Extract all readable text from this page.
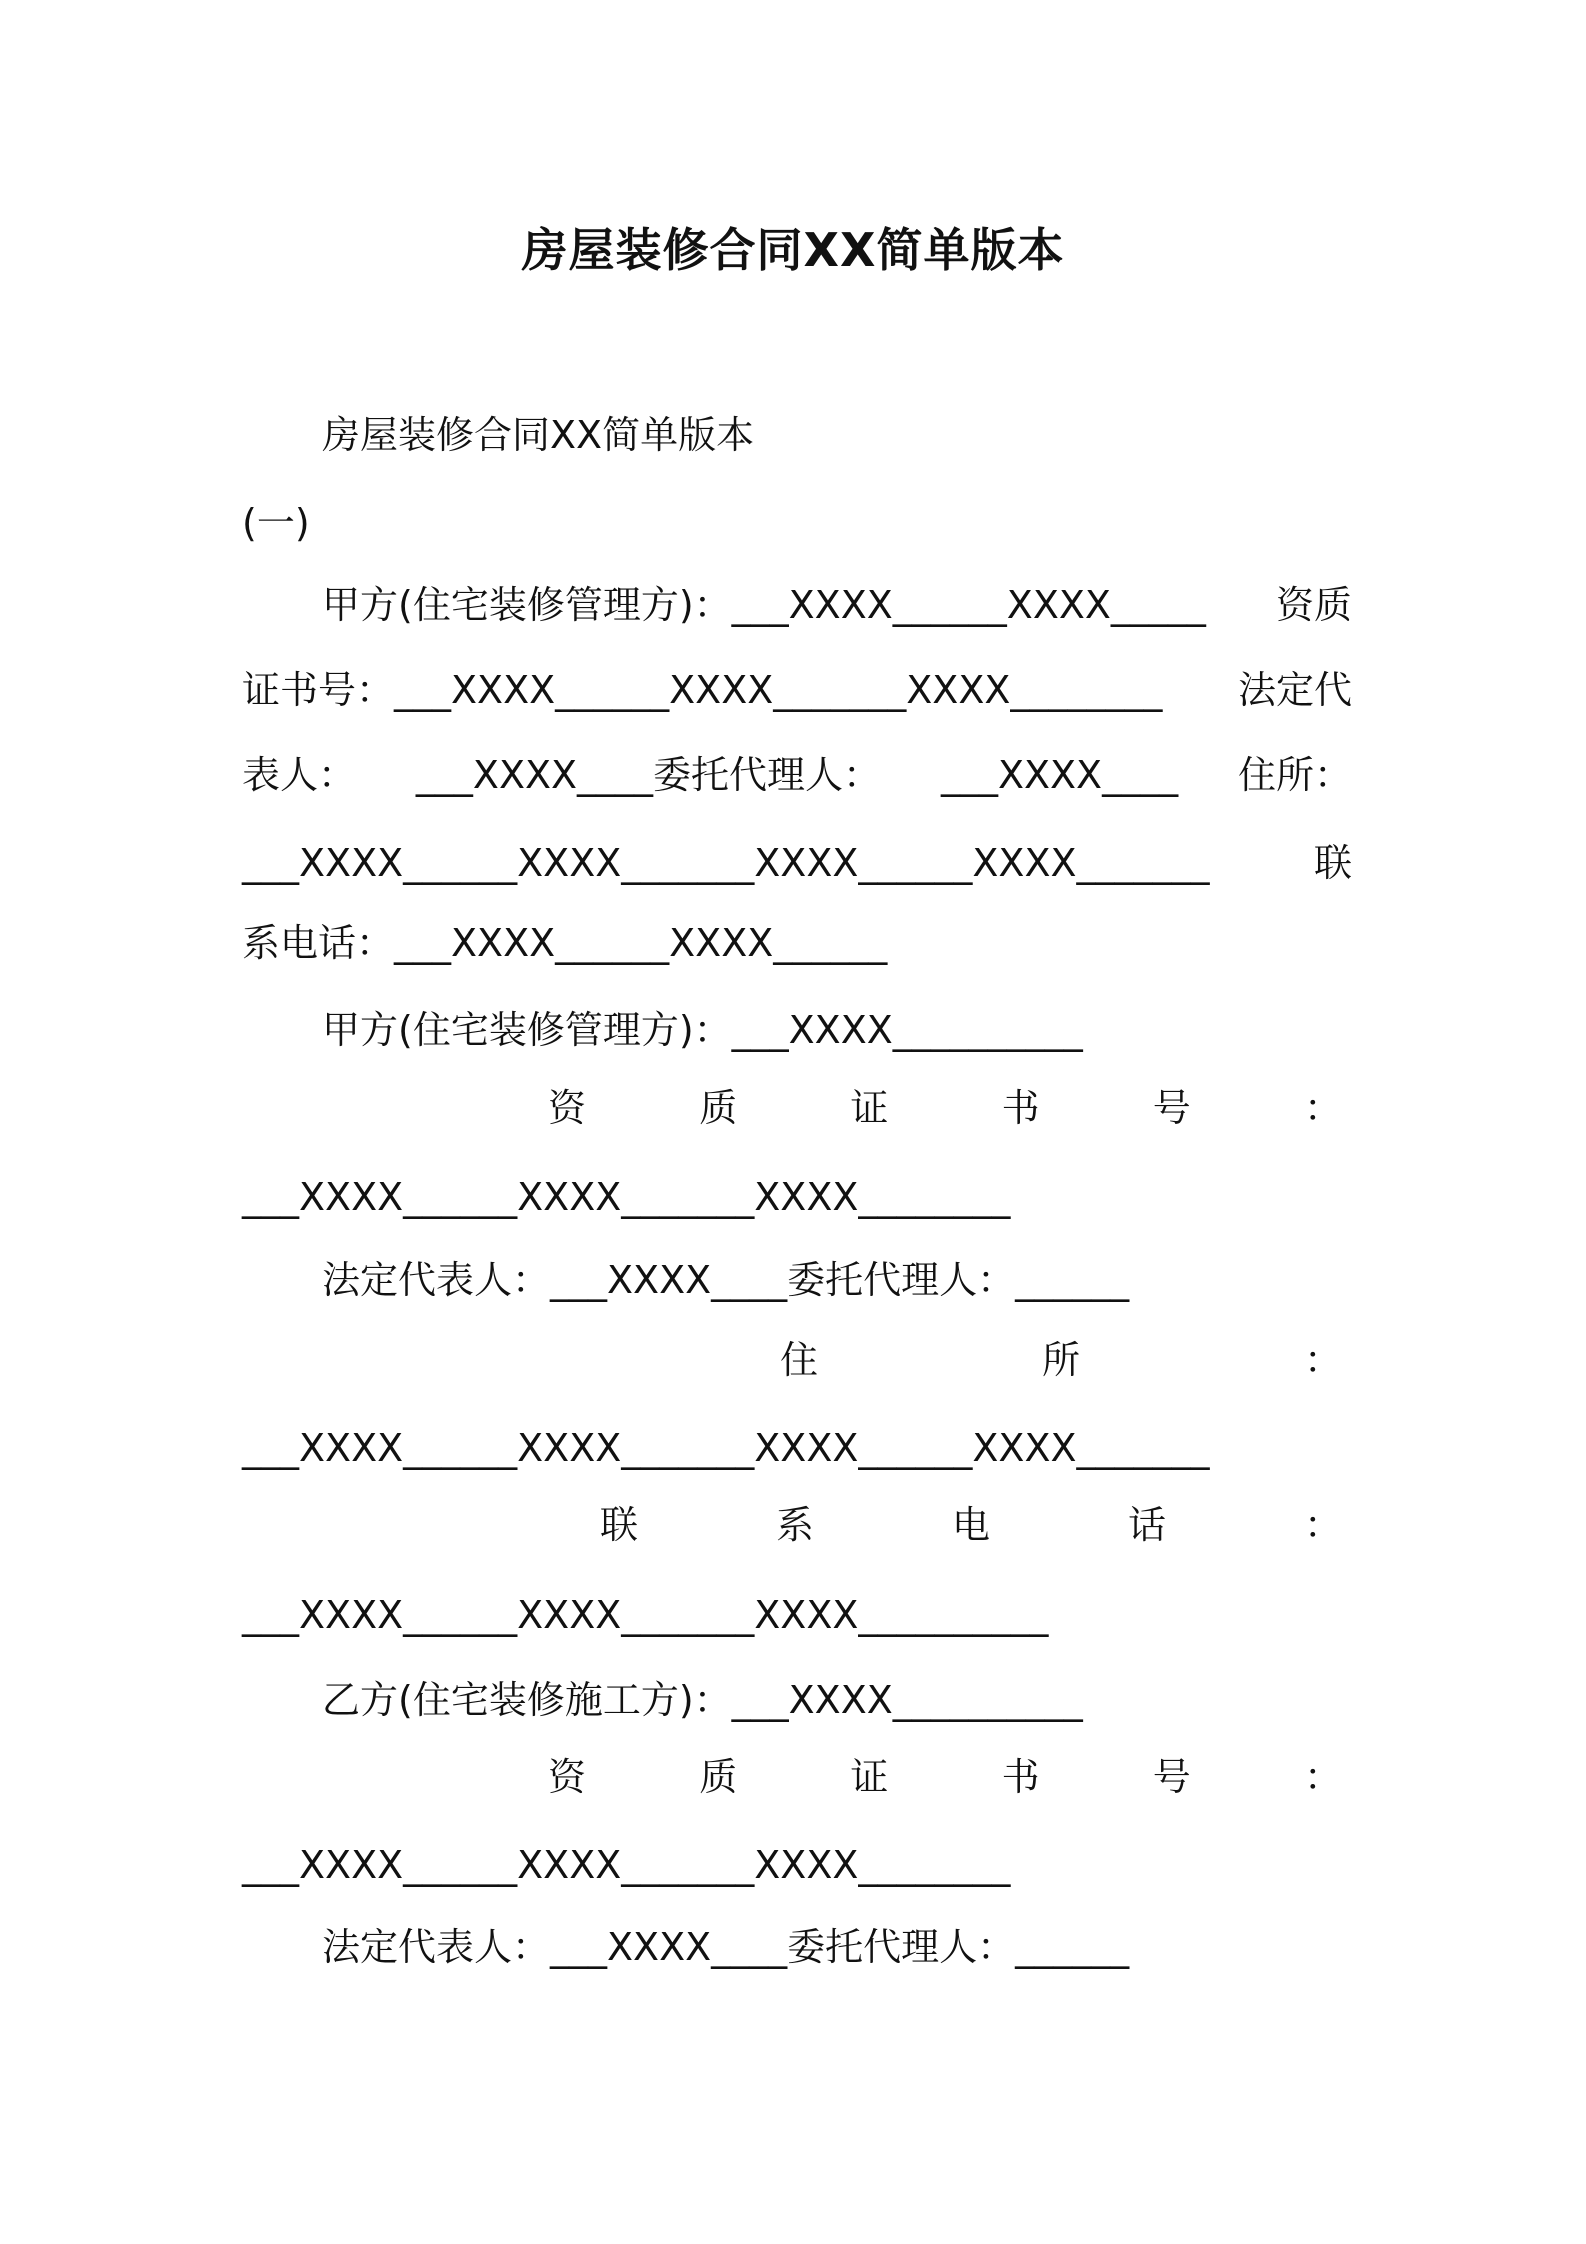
房屋装修合同XX简单版本
房屋装修合同XX简单版本
(一)
甲方(住宅装修管理方)：___XXXX______XXXX_____ 资质
证书号：___XXXX______XXXX_______XXXX________ 法定代
表人： ___XXXX____委托代理人： ___XXXX____ 住所：
___XXXX______XXXX_______XXXX______XXXX_______	联
系电话：___XXXX______XXXX______
甲方(住宅装修管理方)：___XXXX__________
资	质	证	书	号	：
___XXXX______XXXX_______XXXX________
法定代表人：___XXXX____委托代理人：______
住	所	：
___XXXX______XXXX_______XXXX______XXXX_______
联	系	电	话	：
___XXXX______XXXX_______XXXX__________
乙方(住宅装修施工方)：___XXXX__________
资	质	证	书	号	：
___XXXX______XXXX_______XXXX________
法定代表人：___XXXX____委托代理人：______
